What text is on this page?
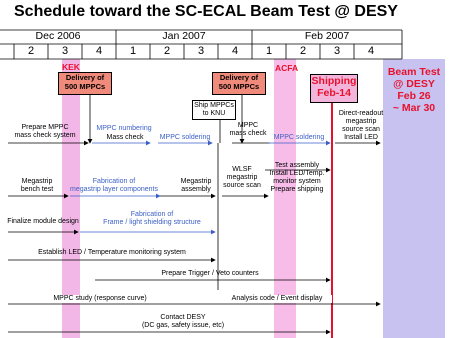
Schedule toward the SC-ECAL Beam Test @ DESY
Dec 2006	Jan 2007	Feb 2007
2	3	4	1	2	3	4	1	2	3	4
KEK	ACFA
Delivery of
500 MPPCs
Delivery of
500 MPPCs	Shipping
Feb-14
Beam Test
@ DESY
Feb 26
~ Mar 30
Ship MPPCs
to KNU
Prepare MPPC
mass check system
MPPC numbering
Mass check	MPPC soldering
MPPC
mass check
MPPC soldering
Direct-readout
megastrip
source scan
Install LED
WLSF
megastrip
source scan
Test assembly
Install LED/Temp.
monitor system
Prepare shipping
Megastrip
bench test
Fabrication of
megastrip layer components
Megastrip
assembly
Finalize module design
Fabrication of
Frame / light shielding structure
Establish LED / Temperature monitoring system
Prepare Trigger / Veto counters
MPPC study (response curve)	Analysis code / Event display
Contact DESY
(DC gas, safety issue, etc)
